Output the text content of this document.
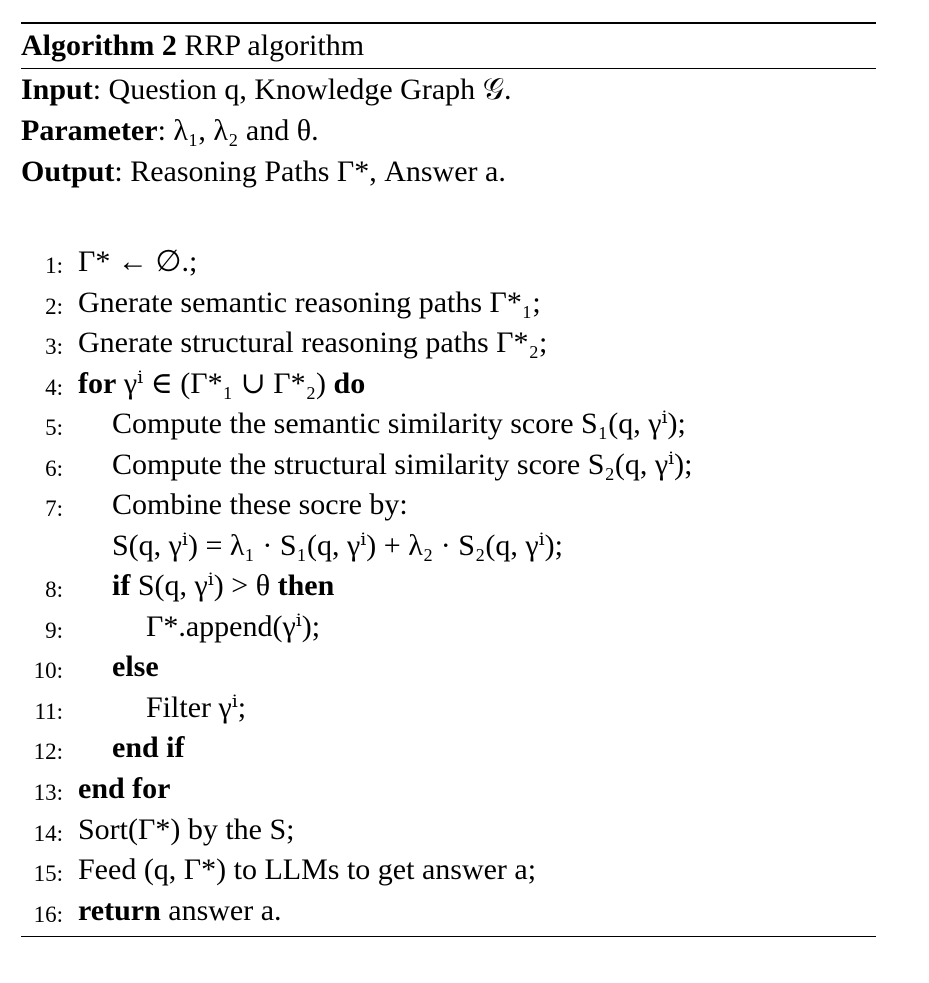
Algorithm 2 RRP algorithm
Input: Question q, Knowledge Graph 𝒢.
Parameter: λ₁, λ₂ and θ.
Output: Reasoning Paths Γ*, Answer a.
1: Γ* ← ∅.;
2: Gnerate semantic reasoning paths Γ*₁;
3: Gnerate structural reasoning paths Γ*₂;
4: for γⁱ ∈ (Γ*₁ ∪ Γ*₂) do
5: Compute the semantic similarity score S₁(q, γⁱ);
6: Compute the structural similarity score S₂(q, γⁱ);
7: Combine these socre by:
S(q, γⁱ) = λ₁ · S₁(q, γⁱ) + λ₂ · S₂(q, γⁱ);
8: if S(q, γⁱ) > θ then
9:	Γ*.append(γⁱ);
10: else
11:	Filter γⁱ;
12: end if
13: end for
14: Sort(Γ*) by the S;
15: Feed (q, Γ*) to LLMs to get answer a;
16: return answer a.
